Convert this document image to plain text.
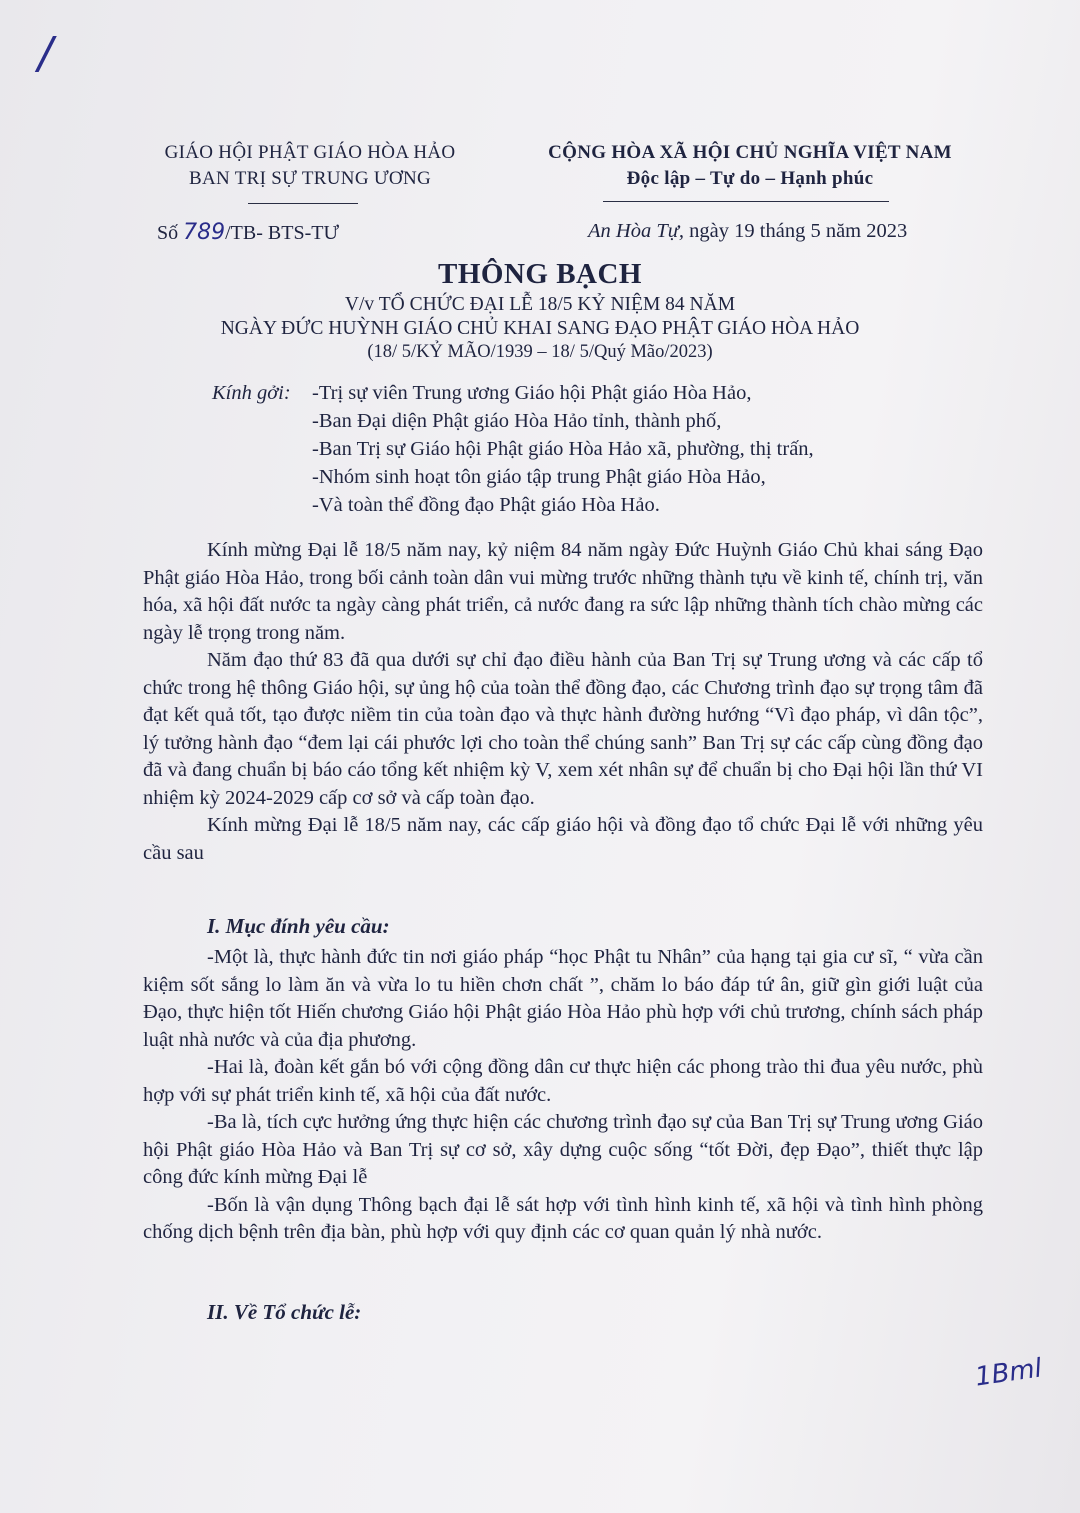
/
GIÁO HỘI PHẬT GIÁO HÒA HẢO
BAN TRỊ SỰ TRUNG ƯƠNG
CỘNG HÒA XÃ HỘI CHỦ NGHĨA VIỆT NAM
Độc lập – Tự do – Hạnh phúc
Số 789/TB- BTS-TƯ	An Hòa Tự, ngày 19 tháng 5 năm 2023
THÔNG BẠCH
V/v TỔ CHỨC ĐẠI LỄ 18/5 KỶ NIỆM 84 NĂM
NGÀY ĐỨC HUỲNH GIÁO CHỦ KHAI SANG ĐẠO PHẬT GIÁO HÒA HẢO
(18/ 5/KỶ MÃO/1939 – 18/ 5/Quý Mão/2023)
Kính gởi: -Trị sự viên Trung ương Giáo hội Phật giáo Hòa Hảo,
-Ban Đại diện Phật giáo Hòa Hảo tỉnh, thành phố,
-Ban Trị sự Giáo hội Phật giáo Hòa Hảo xã, phường, thị trấn,
-Nhóm sinh hoạt tôn giáo tập trung Phật giáo Hòa Hảo,
-Và toàn thể đồng đạo Phật giáo Hòa Hảo.

Kính mừng Đại lễ 18/5 năm nay, kỷ niệm 84 năm ngày Đức Huỳnh Giáo Chủ khai sáng Đạo Phật giáo Hòa Hảo, trong bối cảnh toàn dân vui mừng trước những thành tựu về kinh tế, chính trị, văn hóa, xã hội đất nước ta ngày càng phát triển, cả nước đang ra sức lập những thành tích chào mừng các ngày lễ trọng trong năm.

Năm đạo thứ 83 đã qua dưới sự chỉ đạo điều hành của Ban Trị sự Trung ương và các cấp tổ chức trong hệ thông Giáo hội, sự ủng hộ của toàn thể đồng đạo, các Chương trình đạo sự trọng tâm đã đạt kết quả tốt, tạo được niềm tin của toàn đạo và thực hành đường hướng “Vì đạo pháp, vì dân tộc”, lý tưởng hành đạo “đem lại cái phước lợi cho toàn thể chúng sanh” Ban Trị sự các cấp cùng đồng đạo đã và đang chuẩn bị báo cáo tổng kết nhiệm kỳ V, xem xét nhân sự để chuẩn bị cho Đại hội lần thứ VI nhiệm kỳ 2024-2029 cấp cơ sở và cấp toàn đạo.

Kính mừng Đại lễ 18/5 năm nay, các cấp giáo hội và đồng đạo tổ chức Đại lễ với những yêu cầu sau

I. Mục đính yêu cầu:

-Một là, thực hành đức tin nơi giáo pháp “học Phật tu Nhân” của hạng tại gia cư sĩ, “ vừa cần kiệm sốt sắng lo làm ăn và vừa lo tu hiền chơn chất ”, chăm lo báo đáp tứ ân, giữ gìn giới luật của Đạo, thực hiện tốt Hiến chương Giáo hội Phật giáo Hòa Hảo phù hợp với chủ trương, chính sách pháp luật nhà nước và của địa phương.

-Hai là, đoàn kết gắn bó với cộng đồng dân cư thực hiện các phong trào thi đua yêu nước, phù hợp với sự phát triển kinh tế, xã hội của đất nước.

-Ba là, tích cực hưởng ứng thực hiện các chương trình đạo sự của Ban Trị sự Trung ương Giáo hội Phật giáo Hòa Hảo và Ban Trị sự cơ sở, xây dựng cuộc sống “tốt Đời, đẹp Đạo”, thiết thực lập công đức kính mừng Đại lễ

-Bốn là vận dụng Thông bạch đại lễ sát hợp với tình hình kinh tế, xã hội và tình hình phòng chống dịch bệnh trên địa bàn, phù hợp với quy định các cơ quan quản lý nhà nước.

II. Về Tổ chức lễ:
1Bml
